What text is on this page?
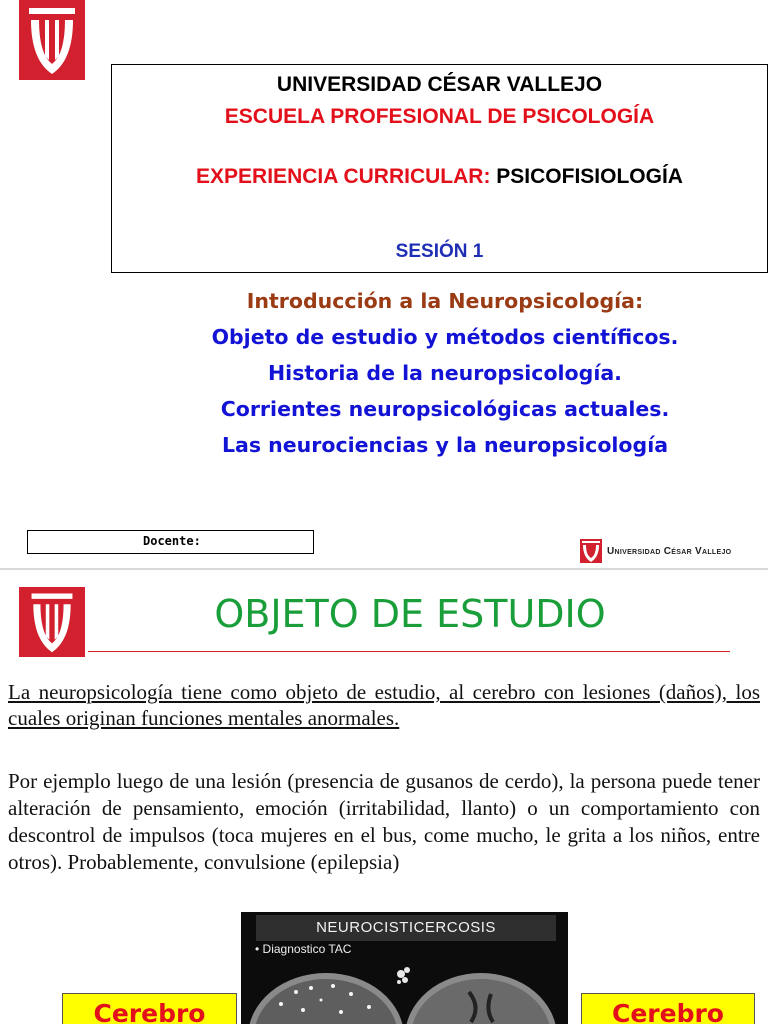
UNIVERSIDAD CÉSAR VALLEJO
ESCUELA PROFESIONAL DE PSICOLOGÍA
EXPERIENCIA CURRICULAR: PSICOFISIOLOGÍA
SESIÓN 1
Introducción a la Neuropsicología:
Objeto de estudio y métodos científicos.
Historia de la neuropsicología.
Corrientes neuropsicológicas actuales.
Las neurociencias y la neuropsicología
Docente:
Universidad César Vallejo
OBJETO DE ESTUDIO
La neuropsicología tiene como objeto de estudio, al cerebro con lesiones (daños), los cuales originan funciones mentales anormales.
Por ejemplo luego de una lesión (presencia de gusanos de cerdo), la persona puede tener alteración de pensamiento, emoción (irritabilidad, llanto) o un comportamiento con descontrol de impulsos (toca mujeres en el bus, come mucho, le grita a los niños, entre otros). Probablemente, convulsione (epilepsia)
NEUROCISTICERCOSIS
• Diagnostico TAC
Cerebro	Cerebro
